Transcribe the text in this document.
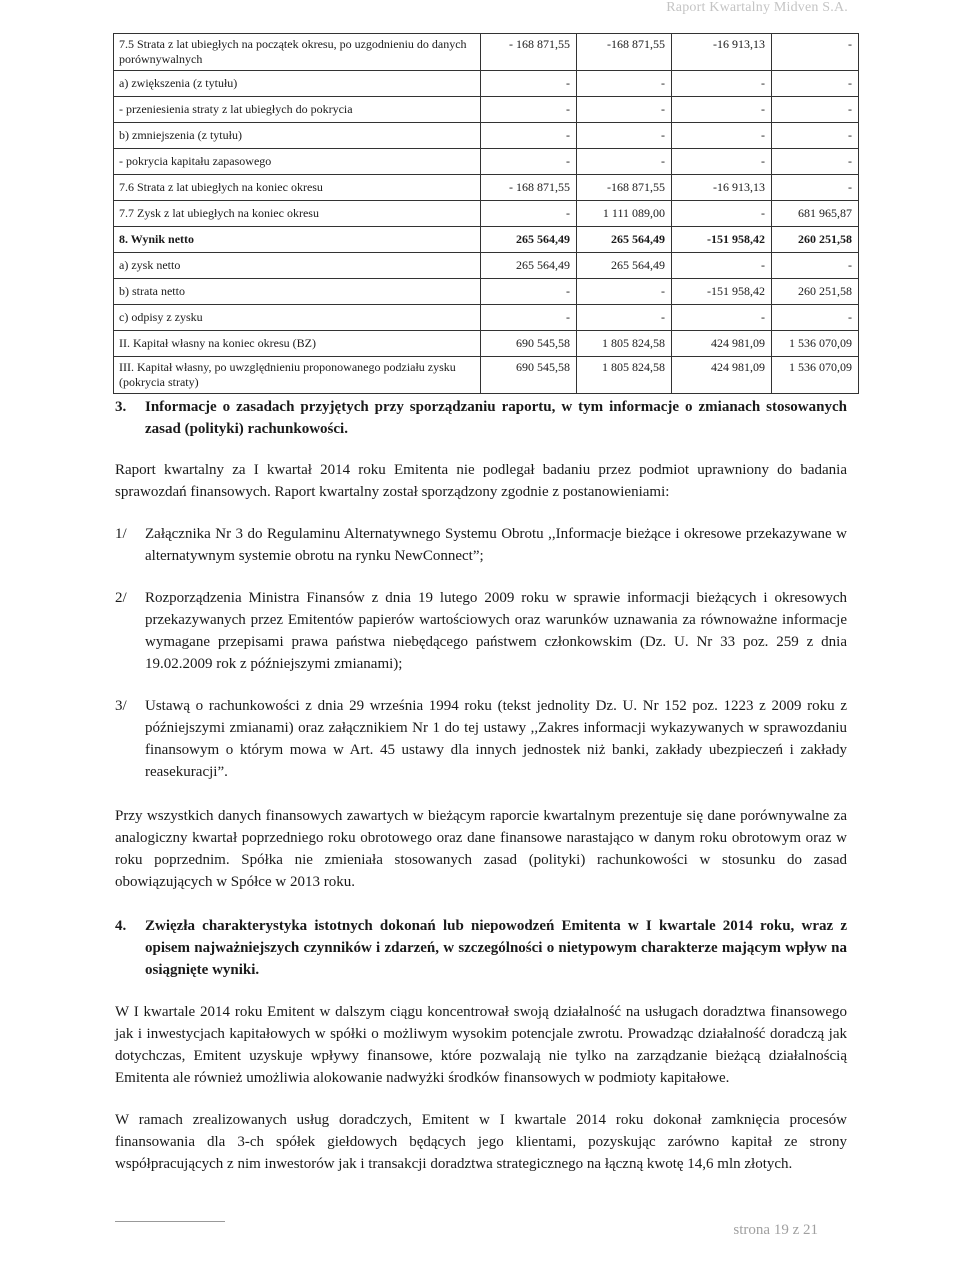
Raport Kwartalny Midven S.A.
7.5 Strata z lat ubiegłych na początek okresu, po uzgodnieniu do danych porównywalnych	- 168 871,55	-168 871,55	-16 913,13	-
a) zwiększenia (z tytułu)	-	-	-	-
- przeniesienia straty z lat ubiegłych do pokrycia	-	-	-	-
b) zmniejszenia (z tytułu)	-	-	-	-
- pokrycia kapitału zapasowego	-	-	-	-
7.6 Strata z lat ubiegłych na koniec okresu	- 168 871,55	-168 871,55	-16 913,13	-
7.7 Zysk z lat ubiegłych na koniec okresu	-	1 111 089,00	-	681 965,87
8. Wynik netto	265 564,49	265 564,49	-151 958,42	260 251,58
a) zysk netto	265 564,49	265 564,49	-	-
b) strata netto	-	-	-151 958,42	260 251,58
c) odpisy z zysku	-	-	-	-
II. Kapitał własny na koniec okresu (BZ)	690 545,58	1 805 824,58	424 981,09	1 536 070,09
III. Kapitał własny, po uwzględnieniu proponowanego podziału zysku (pokrycia straty)	690 545,58	1 805 824,58	424 981,09	1 536 070,09
3.	Informacje o zasadach przyjętych przy sporządzaniu raportu, w tym informacje o zmianach stosowanych zasad (polityki) rachunkowości.

Raport kwartalny za I kwartał 2014 roku Emitenta nie podlegał badaniu przez podmiot uprawniony do badania sprawozdań finansowych. Raport kwartalny został sporządzony zgodnie z postanowieniami:

1/	Załącznika Nr 3 do Regulaminu Alternatywnego Systemu Obrotu ,,Informacje bieżące i okresowe przekazywane w alternatywnym systemie obrotu na rynku NewConnect”;
2/	Rozporządzenia Ministra Finansów z dnia 19 lutego 2009 roku w sprawie informacji bieżących i okresowych przekazywanych przez Emitentów papierów wartościowych oraz warunków uznawania za równoważne informacje wymagane przepisami prawa państwa niebędącego państwem członkowskim (Dz. U. Nr 33 poz. 259 z dnia 19.02.2009 rok z późniejszymi zmianami);
3/	Ustawą o rachunkowości z dnia 29 września 1994 roku (tekst jednolity Dz. U. Nr 152 poz. 1223 z 2009 roku z późniejszymi zmianami) oraz załącznikiem Nr 1 do tej ustawy ,,Zakres informacji wykazywanych w sprawozdaniu finansowym o którym mowa w Art. 45 ustawy dla innych jednostek niż banki, zakłady ubezpieczeń i zakłady reasekuracji”.

Przy wszystkich danych finansowych zawartych w bieżącym raporcie kwartalnym prezentuje się dane porównywalne za analogiczny kwartał poprzedniego roku obrotowego oraz dane finansowe narastająco w danym roku obrotowym oraz w roku poprzednim. Spółka nie zmieniała stosowanych zasad (polityki) rachunkowości w stosunku do zasad obowiązujących w Spółce w 2013 roku.

4.	Zwięzła charakterystyka istotnych dokonań lub niepowodzeń Emitenta w I kwartale 2014 roku, wraz z opisem najważniejszych czynników i zdarzeń, w szczególności o nietypowym charakterze mającym wpływ na osiągnięte wyniki.

W I kwartale 2014 roku Emitent w dalszym ciągu koncentrował swoją działalność na usługach doradztwa finansowego jak i inwestycjach kapitałowych w spółki o możliwym wysokim potencjale zwrotu. Prowadząc działalność doradczą jak dotychczas, Emitent uzyskuje wpływy finansowe, które pozwalają nie tylko na zarządzanie bieżącą działalnością Emitenta ale również umożliwia alokowanie nadwyżki środków finansowych w podmioty kapitałowe.

W ramach zrealizowanych usług doradczych, Emitent w I kwartale 2014 roku dokonał zamknięcia procesów finansowania dla 3-ch spółek giełdowych będących jego klientami, pozyskując zarówno kapitał ze strony współpracujących z nim inwestorów jak i transakcji doradztwa strategicznego na łączną kwotę 14,6 mln złotych.

strona 19 z 21
